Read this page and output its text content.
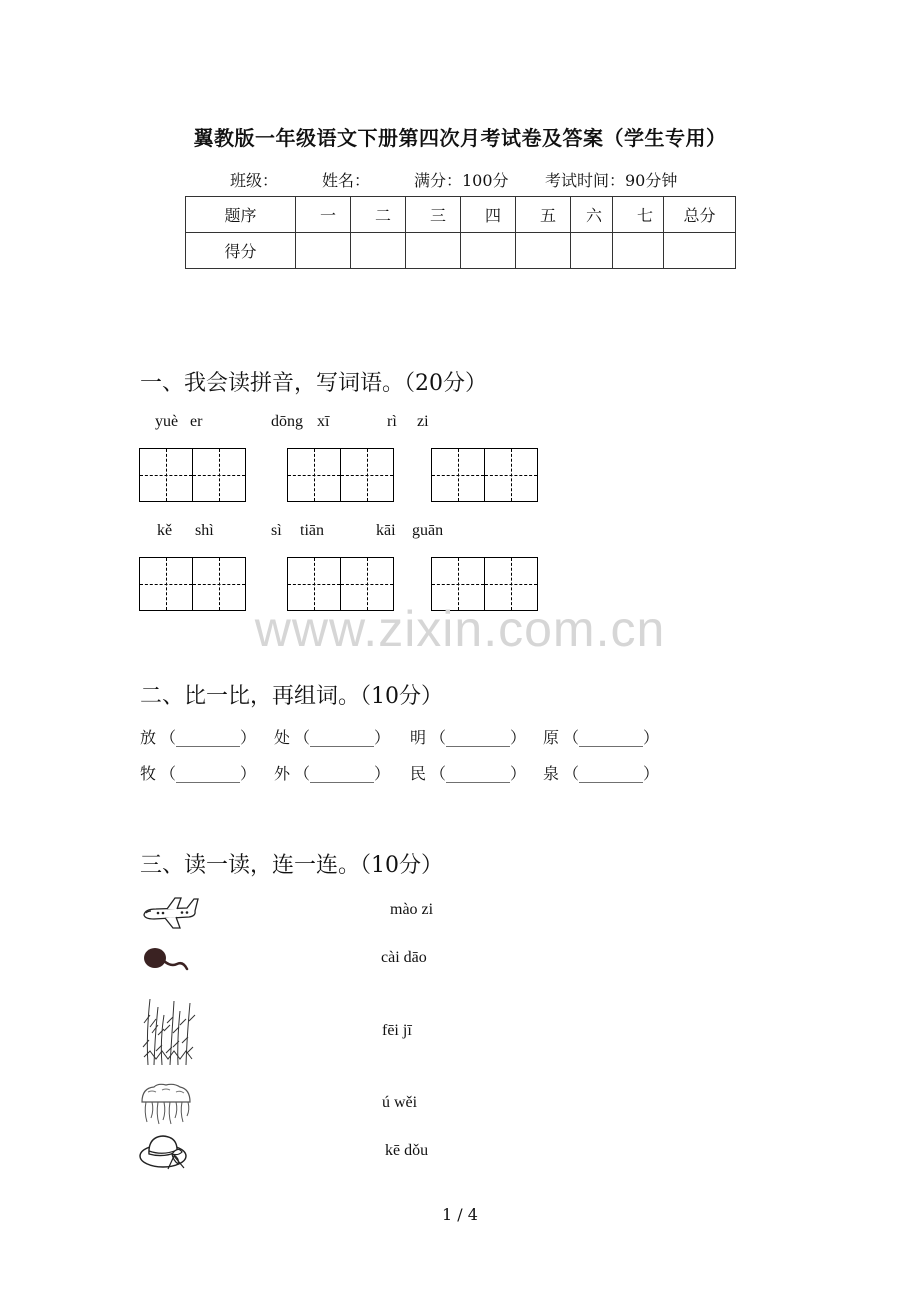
翼教版一年级语文下册第四次月考试卷及答案（学生专用）
班级：	姓名：	满分：100分 考试时间：90分钟
题序	一	二	三	四	五	六	七	总分
得分								
一、我会读拼音，写词语。（20分）
yuè er	dōng xī	rì zi
kě shì	sì tiān	kāi guān
www.zixin.com.cn
二、比一比，再组词。（10分）
放 （________） 处 （________） 明 （________） 原 （________）
牧 （________） 外 （________） 民 （________） 泉 （________）
三、读一读，连一连。（10分）
mào zi
cài dāo
fēi jī
ú wěi
kē dǒu
1 / 4
